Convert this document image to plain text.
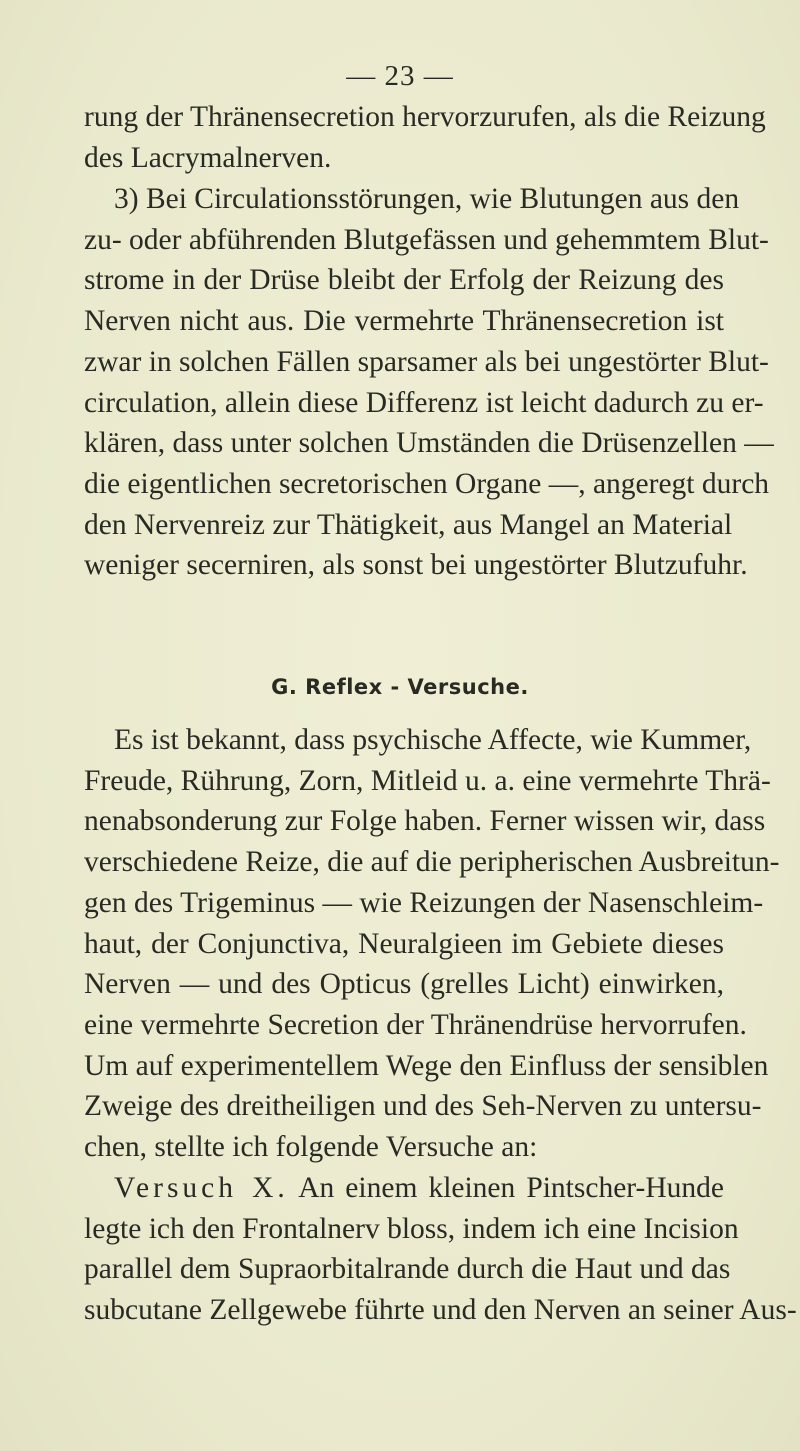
— 23 —
rung der Thränensecretion hervorzurufen, als die Reizung
des Lacrymalnerven.
3) Bei Circulationsstörungen, wie Blutungen aus den
zu- oder abführenden Blutgefässen und gehemmtem Blut-
strome in der Drüse bleibt der Erfolg der Reizung des
Nerven nicht aus. Die vermehrte Thränensecretion ist
zwar in solchen Fällen sparsamer als bei ungestörter Blut-
circulation, allein diese Differenz ist leicht dadurch zu er-
klären, dass unter solchen Umständen die Drüsenzellen —
die eigentlichen secretorischen Organe —, angeregt durch
den Nervenreiz zur Thätigkeit, aus Mangel an Material
weniger secerniren, als sonst bei ungestörter Blutzufuhr.
G. Reflex - Versuche.
Es ist bekannt, dass psychische Affecte, wie Kummer,
Freude, Rührung, Zorn, Mitleid u. a. eine vermehrte Thrä-
nenabsonderung zur Folge haben. Ferner wissen wir, dass
verschiedene Reize, die auf die peripherischen Ausbreitun-
gen des Trigeminus — wie Reizungen der Nasenschleim-
haut, der Conjunctiva, Neuralgieen im Gebiete dieses
Nerven — und des Opticus (grelles Licht) einwirken,
eine vermehrte Secretion der Thränendrüse hervorrufen.
Um auf experimentellem Wege den Einfluss der sensiblen
Zweige des dreitheiligen und des Seh-Nerven zu untersu-
chen, stellte ich folgende Versuche an:
Versuch X. An einem kleinen Pintscher-Hunde
legte ich den Frontalnerv bloss, indem ich eine Incision
parallel dem Supraorbitalrande durch die Haut und das
subcutane Zellgewebe führte und den Nerven an seiner Aus-
